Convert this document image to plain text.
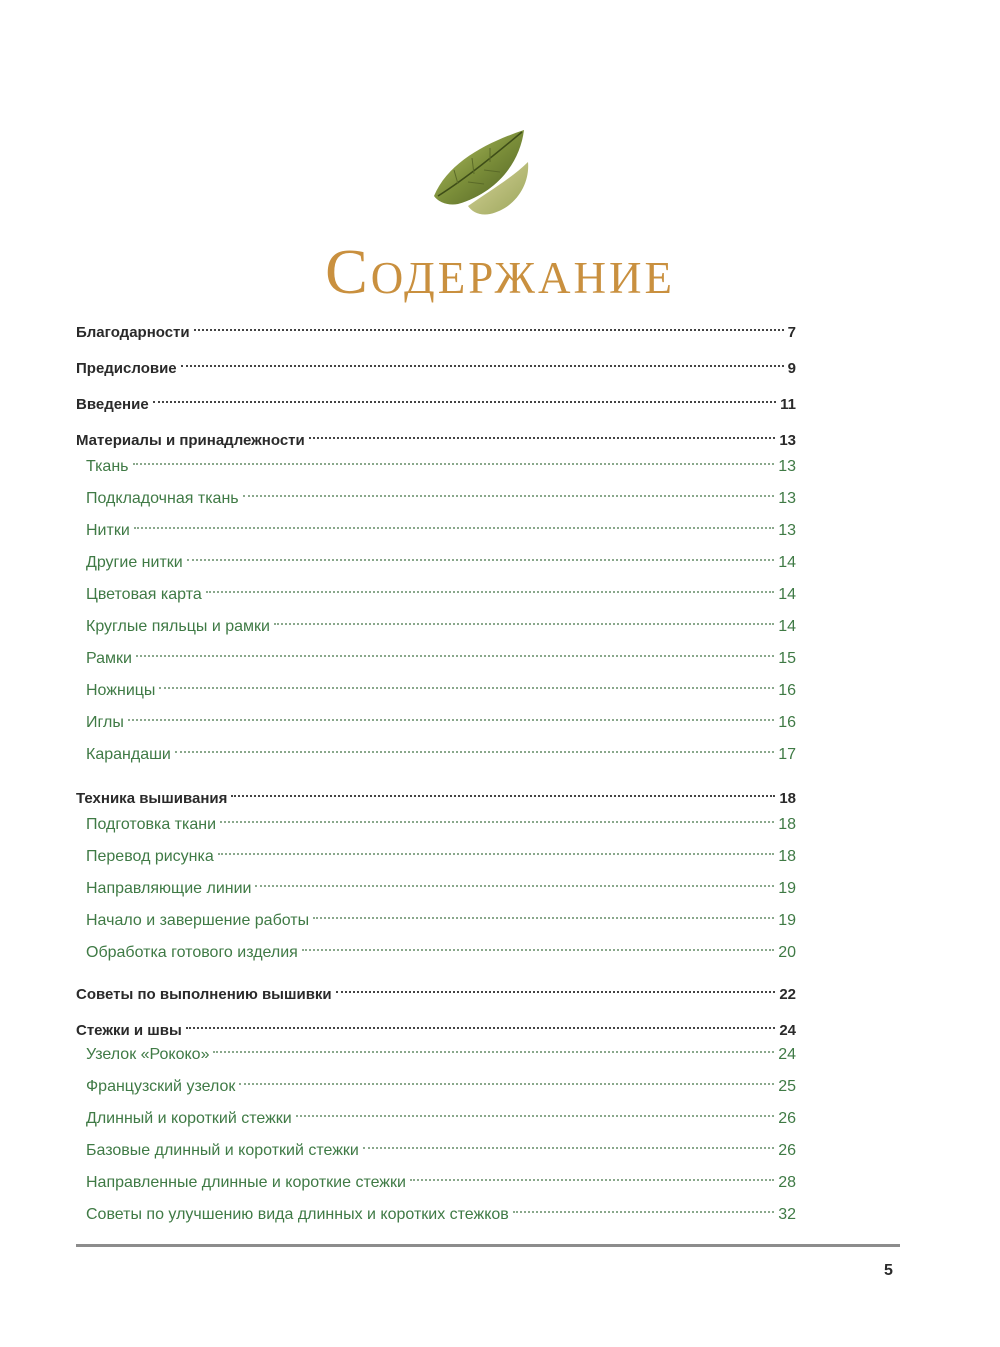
Содержание
Благодарности	7
Предисловие	9
Введение	11
Материалы и принадлежности	13
Ткань	13
Подкладочная ткань	13
Нитки	13
Другие нитки	14
Цветовая карта	14
Круглые пяльцы и рамки	14
Рамки	15
Ножницы	16
Иглы	16
Карандаши	17
Техника вышивания	18
Подготовка ткани	18
Перевод рисунка	18
Направляющие линии	19
Начало и завершение работы	19
Обработка готового изделия	20
Советы по выполнению вышивки	22
Стежки и швы	24
Узелок «Рококо»	24
Французский узелок	25
Длинный и короткий стежки	26
Базовые длинный и короткий стежки	26
Направленные длинные и короткие стежки	28
Советы по улучшению вида длинных и коротких стежков	32
5
